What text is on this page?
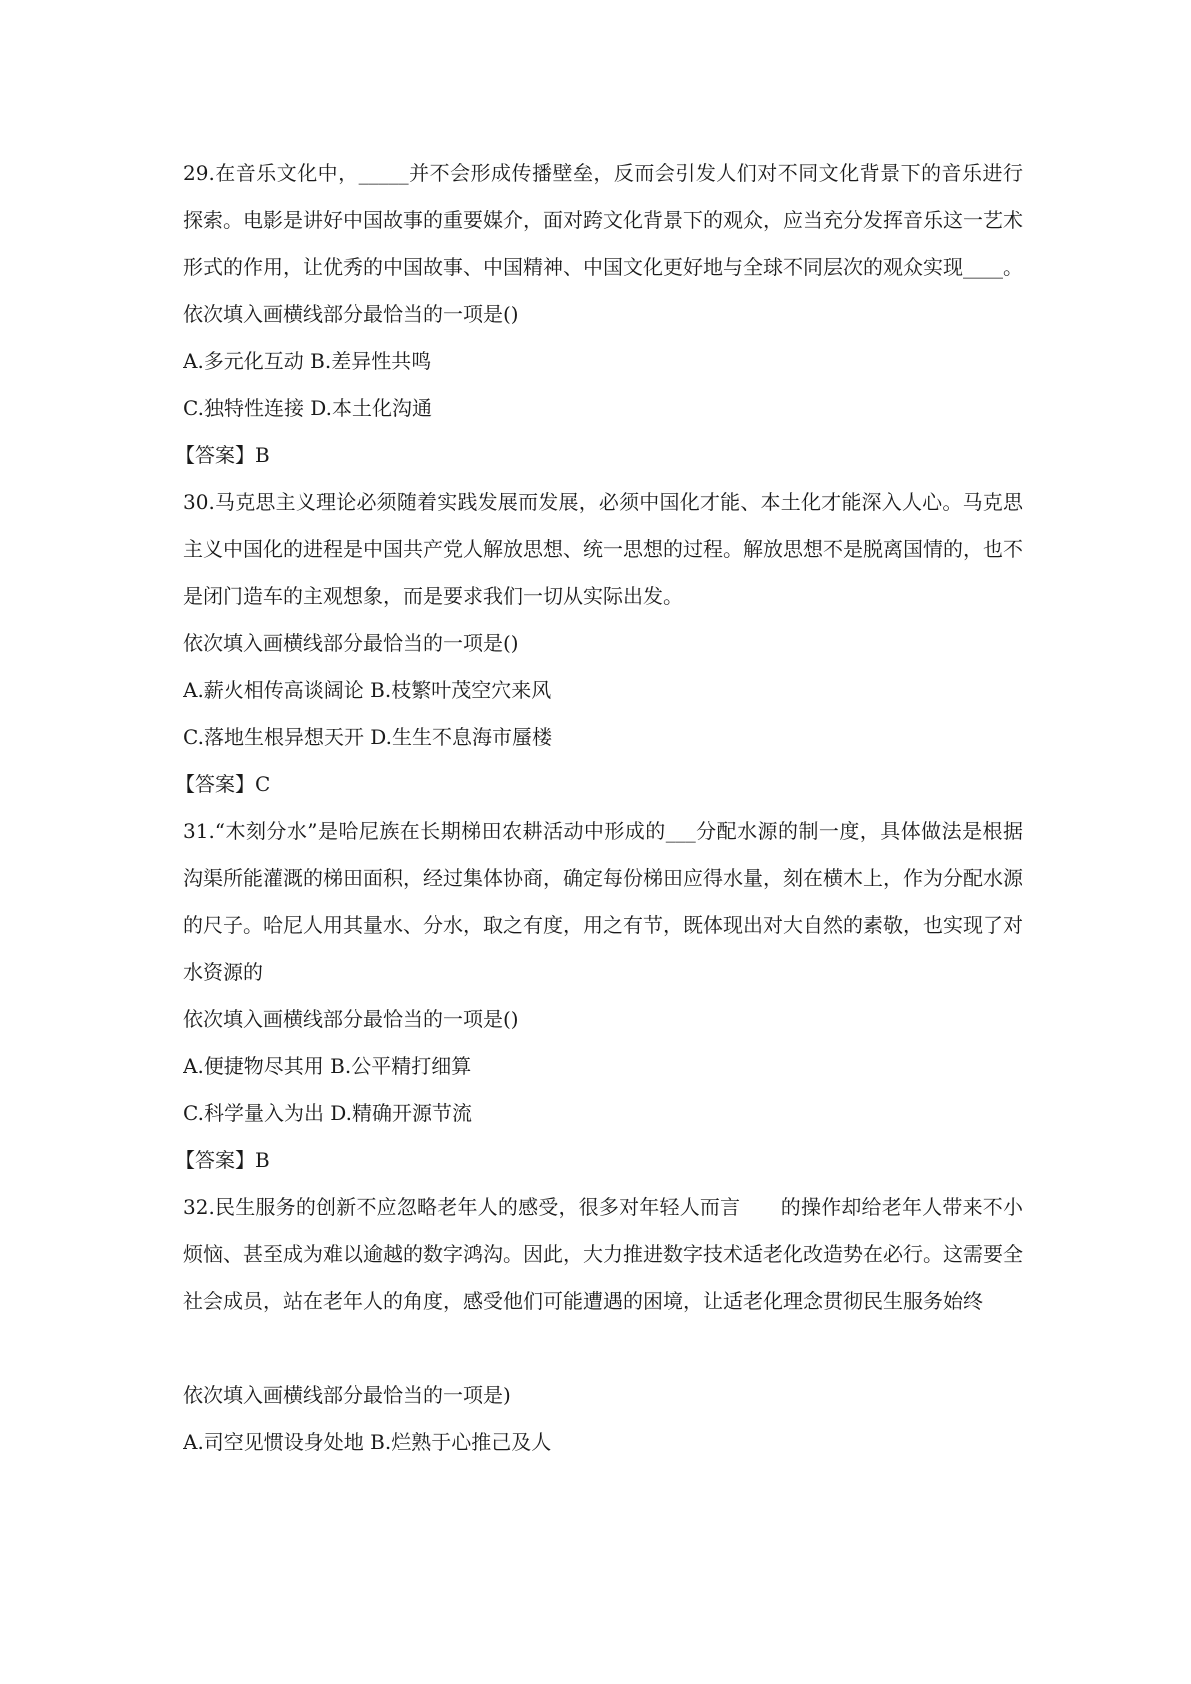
29.在音乐文化中，_____并不会形成传播壁垒，反而会引发人们对不同文化背景下的音乐进行探索。电影是讲好中国故事的重要媒介，面对跨文化背景下的观众，应当充分发挥音乐这一艺术形式的作用，让优秀的中国故事、中国精神、中国文化更好地与全球不同层次的观众实现____。

依次填入画横线部分最恰当的一项是()
A.多元化互动 B.差异性共鸣
C.独特性连接 D.本土化沟通
【答案】B

30.马克思主义理论必须随着实践发展而发展，必须中国化才能、本土化才能深入人心。马克思主义中国化的进程是中国共产党人解放思想、统一思想的过程。解放思想不是脱离国情的，也不是闭门造车的主观想象，而是要求我们一切从实际出发。

依次填入画横线部分最恰当的一项是()
A.薪火相传高谈阔论 B.枝繁叶茂空穴来风
C.落地生根异想天开 D.生生不息海市蜃楼
【答案】C

31.“木刻分水”是哈尼族在长期梯田农耕活动中形成的___分配水源的制一度，具体做法是根据沟渠所能灌溉的梯田面积，经过集体协商，确定每份梯田应得水量，刻在横木上，作为分配水源的尺子。哈尼人用其量水、分水，取之有度，用之有节，既体现出对大自然的素敬，也实现了对水资源的

依次填入画横线部分最恰当的一项是()
A.便捷物尽其用 B.公平精打细算
C.科学量入为出 D.精确开源节流
【答案】B

32.民生服务的创新不应忽略老年人的感受，很多对年轻人而言　　的操作却给老年人带来不小烦恼、甚至成为难以逾越的数字鸿沟。因此，大力推进数字技术适老化改造势在必行。这需要全社会成员，站在老年人的角度，感受他们可能遭遇的困境，让适老化理念贯彻民生服务始终

依次填入画横线部分最恰当的一项是)
A.司空见惯设身处地 B.烂熟于心推己及人
